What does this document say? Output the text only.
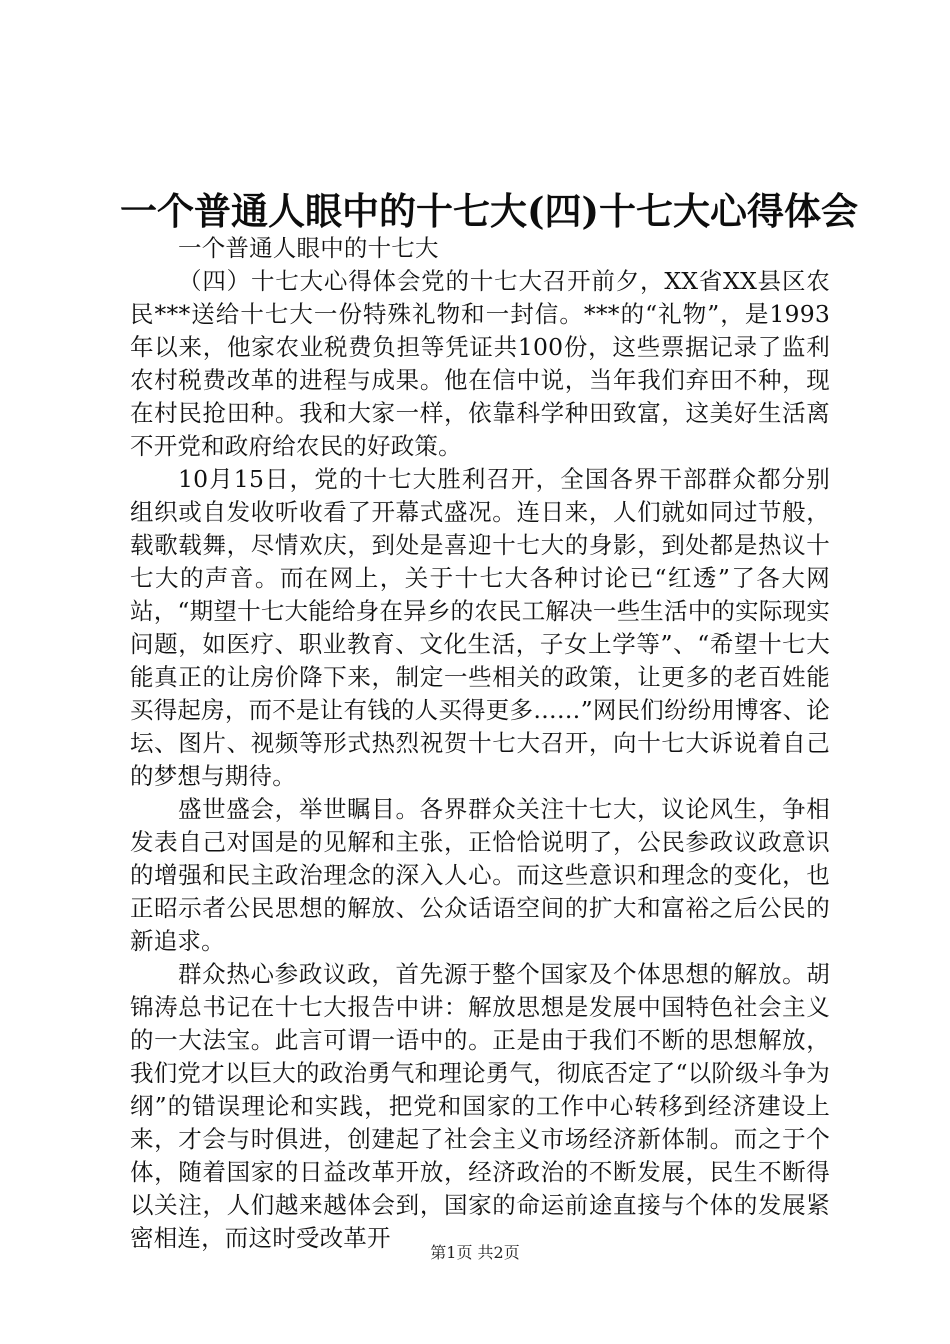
一个普通人眼中的十七大(四)十七大心得体会

一个普通人眼中的十七大

（四）十七大心得体会党的十七大召开前夕，XX省XX县区农民***送给十七大一份特殊礼物和一封信。***的“礼物”，是1993年以来，他家农业税费负担等凭证共100份，这些票据记录了监利农村税费改革的进程与成果。他在信中说，当年我们弃田不种，现在村民抢田种。我和大家一样，依靠科学种田致富，这美好生活离不开党和政府给农民的好政策。

10月15日，党的十七大胜利召开，全国各界干部群众都分别组织或自发收听收看了开幕式盛况。连日来，人们就如同过节般，载歌载舞，尽情欢庆，到处是喜迎十七大的身影，到处都是热议十七大的声音。而在网上，关于十七大各种讨论已“红透”了各大网站，“期望十七大能给身在异乡的农民工解决一些生活中的实际现实问题，如医疗、职业教育、文化生活，子女上学等”、“希望十七大能真正的让房价降下来，制定一些相关的政策，让更多的老百姓能买得起房，而不是让有钱的人买得更多……”网民们纷纷用博客、论坛、图片、视频等形式热烈祝贺十七大召开，向十七大诉说着自己的梦想与期待。

盛世盛会，举世瞩目。各界群众关注十七大，议论风生，争相发表自己对国是的见解和主张，正恰恰说明了，公民参政议政意识的增强和民主政治理念的深入人心。而这些意识和理念的变化，也正昭示者公民思想的解放、公众话语空间的扩大和富裕之后公民的新追求。

群众热心参政议政，首先源于整个国家及个体思想的解放。胡锦涛总书记在十七大报告中讲：解放思想是发展中国特色社会主义的一大法宝。此言可谓一语中的。正是由于我们不断的思想解放，我们党才以巨大的政治勇气和理论勇气，彻底否定了“以阶级斗争为纲”的错误理论和实践，把党和国家的工作中心转移到经济建设上来，才会与时俱进，创建起了社会主义市场经济新体制。而之于个体，随着国家的日益改革开放，经济政治的不断发展，民生不断得以关注，人们越来越体会到，国家的命运前途直接与个体的发展紧密相连，而这时受改革开

第1页 共2页
